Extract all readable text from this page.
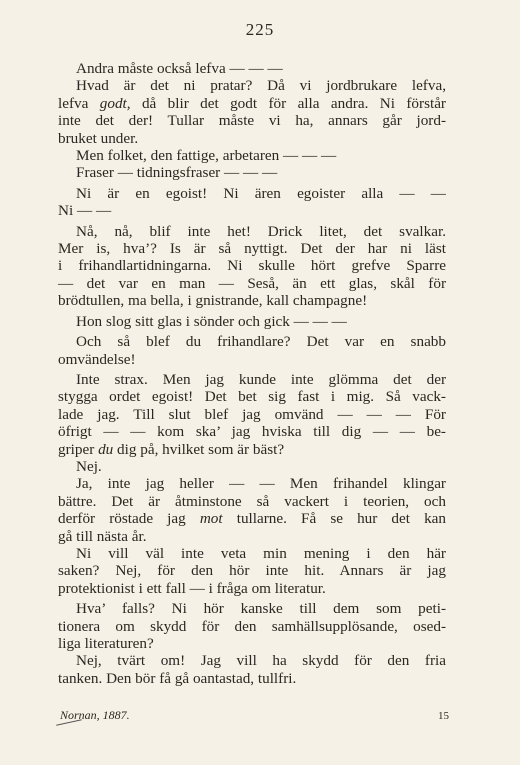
225
Andra måste också lefva — — —
Hvad är det ni pratar? Då vi jordbrukare lefva,
lefva godt, då blir det godt för alla andra. Ni förstår
inte det der! Tullar måste vi ha, annars går jord-
bruket under.
Men folket, den fattige, arbetaren — — —
Fraser — tidningsfraser — — —
Ni är en egoist! Ni ären egoister alla — —
Ni — —
Nå, nå, blif inte het! Drick litet, det svalkar.
Mer is, hva’? Is är så nyttigt. Det der har ni läst
i frihandlartidningarna. Ni skulle hört grefve Sparre
— det var en man — Seså, än ett glas, skål för
brödtullen, ma bella, i gnistrande, kall champagne!
Hon slog sitt glas i sönder och gick — — —
Och så blef du frihandlare? Det var en snabb
omvändelse!
Inte strax. Men jag kunde inte glömma det der
stygga ordet egoist! Det bet sig fast i mig. Så vack-
lade jag. Till slut blef jag omvänd — — — För
öfrigt — — kom ska’ jag hviska till dig — — be-
griper du dig på, hvilket som är bäst?
Nej.
Ja, inte jag heller — — Men frihandel klingar
bättre. Det är åtminstone så vackert i teorien, och
derför röstade jag mot tullarne. Få se hur det kan
gå till nästa år.
Ni vill väl inte veta min mening i den här
saken? Nej, för den hör inte hit. Annars är jag
protektionist i ett fall — i fråga om literatur.
Hva’ falls? Ni hör kanske till dem som peti-
tionera om skydd för den samhällsupplösande, osed-
liga literaturen?
Nej, tvärt om! Jag vill ha skydd för den fria
tanken. Den bör få gå oantastad, tullfri.
Nornan, 1887.	15
